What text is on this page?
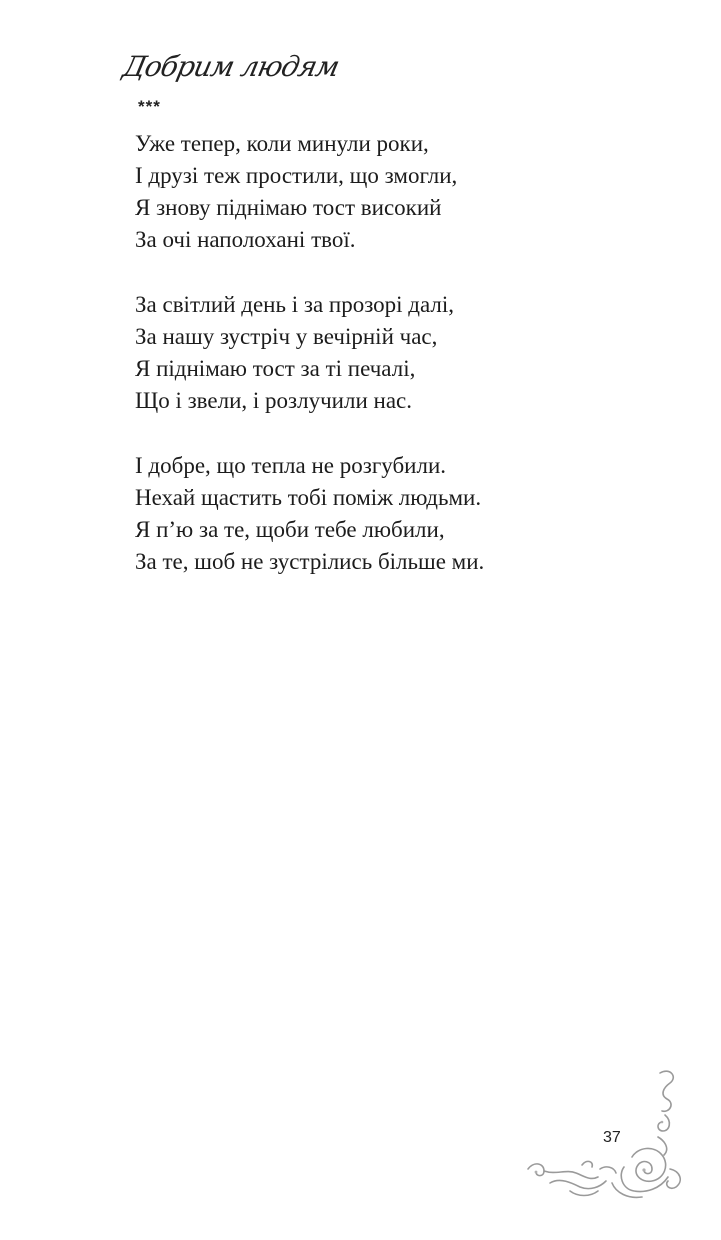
Добрим людям
***
Уже тепер, коли минули роки,
І друзі теж простили, що змогли,
Я знову піднімаю тост високий
За очі наполохані твої.
За світлий день і за прозорі далі,
За нашу зустріч у вечірній час,
Я піднімаю тост за ті печалі,
Що і звели, і розлучили нас.
І добре, що тепла не розгубили.
Нехай щастить тобі поміж людьми.
Я п’ю за те, щоби тебе любили,
За те, шоб не зустрілись більше ми.
37
